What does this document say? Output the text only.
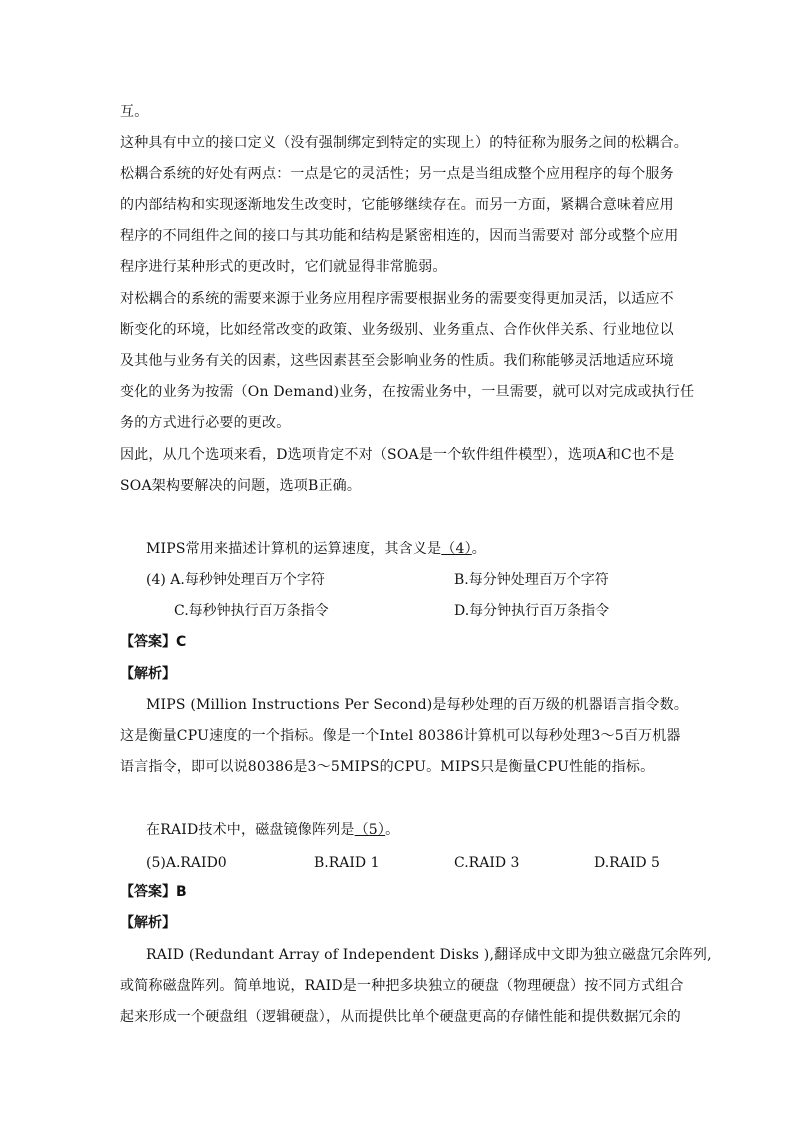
互。
这种具有中立的接口定义（没有强制绑定到特定的实现上）的特征称为服务之间的松耦合。
松耦合系统的好处有两点：一点是它的灵活性；另一点是当组成整个应用程序的每个服务
的内部结构和实现逐渐地发生改变时，它能够继续存在。而另一方面，紧耦合意味着应用
程序的不同组件之间的接口与其功能和结构是紧密相连的，因而当需要对 部分或整个应用
程序进行某种形式的更改时，它们就显得非常脆弱。
对松耦合的系统的需要来源于业务应用程序需要根据业务的需要变得更加灵活，以适应不
断变化的环境，比如经常改变的政策、业务级别、业务重点、合作伙伴关系、行业地位以
及其他与业务有关的因素，这些因素甚至会影响业务的性质。我们称能够灵活地适应环境
变化的业务为按需（On Demand)业务，在按需业务中，一旦需要，就可以对完成或执行任
务的方式进行必要的更改。
因此，从几个选项来看，D选项肯定不对（SOA是一个软件组件模型），选项A和C也不是
SOA架构要解决的问题，选项B正确。
MIPS常用来描述计算机的运算速度，其含义是（4）。
(4) A.每秒钟处理百万个字符	B.每分钟处理百万个字符
C.每秒钟执行百万条指令	D.每分钟执行百万条指令
【答案】C
【解析】
MIPS (Million Instructions Per Second)是每秒处理的百万级的机器语言指令数。
这是衡量CPU速度的一个指标。像是一个Intel 80386计算机可以每秒处理3～5百万机器
语言指令，即可以说80386是3～5MIPS的CPU。MIPS只是衡量CPU性能的指标。
在RAID技术中，磁盘镜像阵列是（5）。
(5)A.RAID0	B.RAID 1	C.RAID 3	D.RAID 5
【答案】B
【解析】
RAID (Redundant Array of Independent Disks ),翻译成中文即为独立磁盘冗余阵列,
或简称磁盘阵列。简单地说，RAID是一种把多块独立的硬盘（物理硬盘）按不同方式组合
起来形成一个硬盘组（逻辑硬盘），从而提供比单个硬盘更高的存储性能和提供数据冗余的
